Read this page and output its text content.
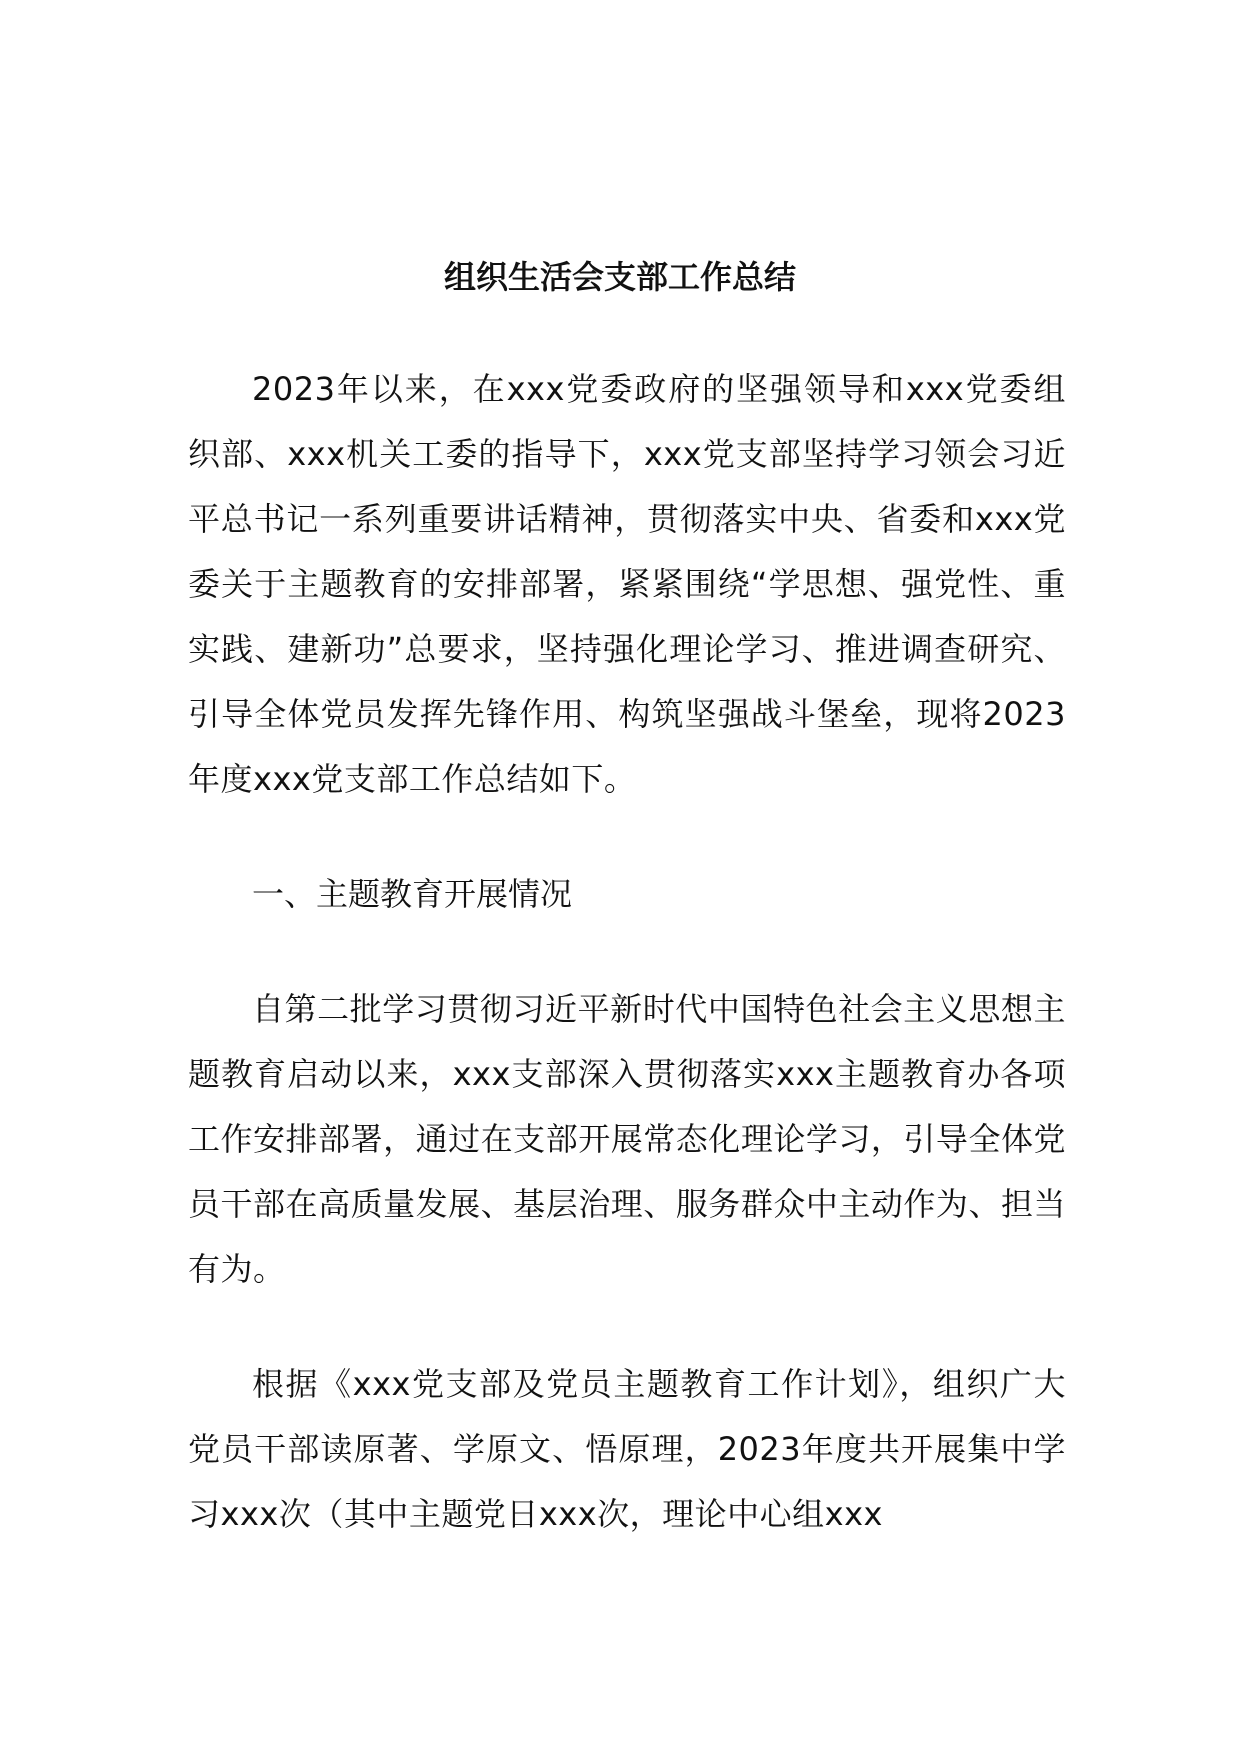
组织生活会支部工作总结

2023年以来，在xxx党委政府的坚强领导和xxx党委组织部、xxx机关工委的指导下，xxx党支部坚持学习领会习近平总书记一系列重要讲话精神，贯彻落实中央、省委和xxx党委关于主题教育的安排部署，紧紧围绕“学思想、强党性、重实践、建新功”总要求，坚持强化理论学习、推进调查研究、引导全体党员发挥先锋作用、构筑坚强战斗堡垒，现将2023年度xxx党支部工作总结如下。

一、主题教育开展情况

自第二批学习贯彻习近平新时代中国特色社会主义思想主题教育启动以来，xxx支部深入贯彻落实xxx主题教育办各项工作安排部署，通过在支部开展常态化理论学习，引导全体党员干部在高质量发展、基层治理、服务群众中主动作为、担当有为。

根据《xxx党支部及党员主题教育工作计划》，组织广大党员干部读原著、学原文、悟原理，2023年度共开展集中学习xxx次（其中主题党日xxx次，理论中心组xxx
